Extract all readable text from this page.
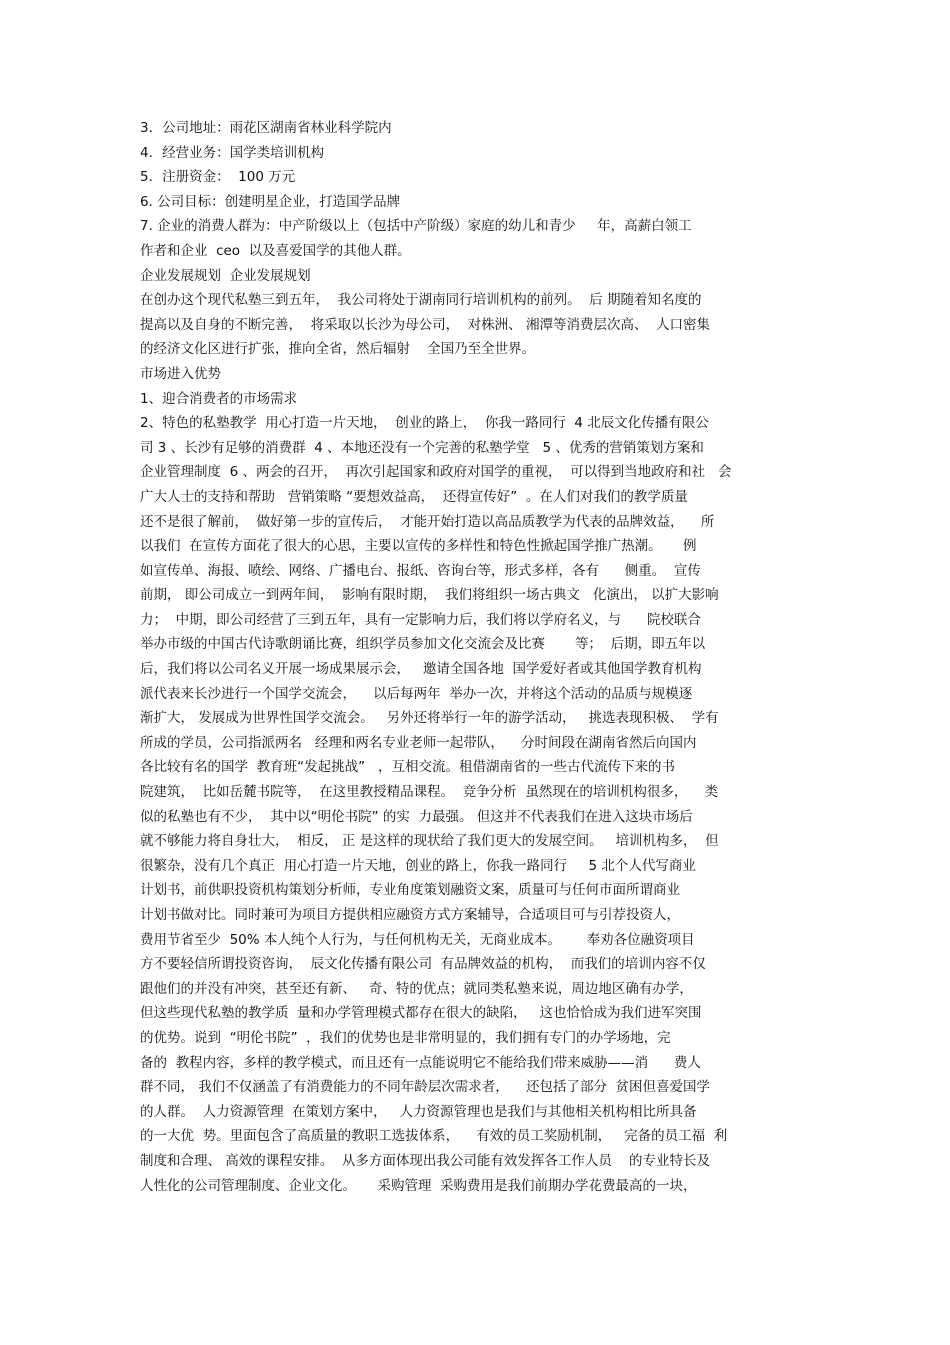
3．公司地址：雨花区湖南省林业科学院内
4．经营业务：国学类培训机构
5．注册资金：  100 万元
6. 公司目标：创建明星企业，打造国学品牌
7. 企业的消费人群为：中产阶级以上（包括中产阶级）家庭的幼儿和青少     年，高薪白领工
作者和企业  ceo  以及喜爱国学的其他人群。
企业发展规划  企业发展规划
在创办这个现代私塾三到五年，  我公司将处于湖南同行培训机构的前列。  后 期随着知名度的
提高以及自身的不断完善，  将采取以长沙为母公司，  对株洲、 湘潭等消费层次高、  人口密集
的经济文化区进行扩张，推向全省，然后辐射    全国乃至全世界。
市场进入优势
1、迎合消费者的市场需求
2、特色的私塾教学  用心打造一片天地，  创业的路上，  你我一路同行  4 北辰文化传播有限公
司 3 、长沙有足够的消费群  4 、本地还没有一个完善的私塾学堂   5 、优秀的营销策划方案和
企业管理制度  6 、两会的召开，  再次引起国家和政府对国学的重视，  可以得到当地政府和社   会
广大人士的支持和帮助   营销策略 “要想效益高，  还得宣传好”  。在人们对我们的教学质量
还不是很了解前，  做好第一步的宣传后，  才能开始打造以高品质教学为代表的品牌效益，    所
以我们  在宣传方面花了很大的心思，主要以宣传的多样性和特色性掀起国学推广热潮。     例
如宣传单、海报、喷绘、网络、广播电台、报纸、咨询台等，形式多样，各有      侧重。  宣传
前期， 即公司成立一到两年间，  影响有限时期，  我们将组织一场古典文   化演出， 以扩大影响
力；  中期，即公司经营了三到五年，具有一定影响力后，我们将以学府名义，与      院校联合
举办市级的中国古代诗歌朗诵比赛，组织学员参加文化交流会及比赛       等；  后期，即五年以
后，我们将以公司名义开展一场成果展示会，   邀请全国各地  国学爱好者或其他国学教育机构
派代表来长沙进行一个国学交流会，    以后每两年  举办一次，并将这个活动的品质与规模逐
渐扩大， 发展成为世界性国学交流会。   另外还将举行一年的游学活动，   挑选表现积极、  学有
所成的学员，公司指派两名   经理和两名专业老师一起带队，    分时间段在湖南省然后向国内
各比较有名的国学  教育班“发起挑战”   ，互相交流。租借湖南省的一些古代流传下来的书
院建筑，  比如岳麓书院等，  在这里教授精品课程。  竞争分析  虽然现在的培训机构很多，    类
似的私塾也有不少，  其中以“明伦书院” 的实  力最强。 但这并不代表我们在进入这块市场后
就不够能力将自身壮大，  相反， 正 是这样的现状给了我们更大的发展空间。   培训机构多，  但
很繁杂，没有几个真正  用心打造一片天地，创业的路上，你我一路同行     5 北个人代写商业
计划书，前供职投资机构策划分析师，专业角度策划融资文案，质量可与任何市面所谓商业
计划书做对比。同时兼可为项目方提供相应融资方式方案辅导，合适项目可与引荐投资人，
费用节省至少  50% 本人纯个人行为，与任何机构无关，无商业成本。      奉劝各位融资项目
方不要轻信所谓投资咨询，  辰文化传播有限公司  有品牌效益的机构，  而我们的培训内容不仅
跟他们的并没有冲突，甚至还有新、   奇、特的优点；就同类私塾来说，周边地区确有办学，
但这些现代私塾的教学质  量和办学管理模式都存在很大的缺陷，   这也恰恰成为我们进军突围
的优势。说到  “明伦书院”  ，我们的优势也是非常明显的，我们拥有专门的办学场地，完
备的  教程内容，多样的教学模式，而且还有一点能说明它不能给我们带来威胁——消      费人
群不同， 我们不仅涵盖了有消费能力的不同年龄层次需求者，    还包括了部分  贫困但喜爱国学
的人群。  人力资源管理  在策划方案中，   人力资源管理也是我们与其他相关机构相比所具备
的一大优  势。里面包含了高质量的教职工选拔体系，    有效的员工奖励机制，   完备的员工福  利
制度和合理、 高效的课程安排。  从多方面体现出我公司能有效发挥各工作人员    的专业特长及
人性化的公司管理制度、企业文化。     采购管理  采购费用是我们前期办学花费最高的一块，
